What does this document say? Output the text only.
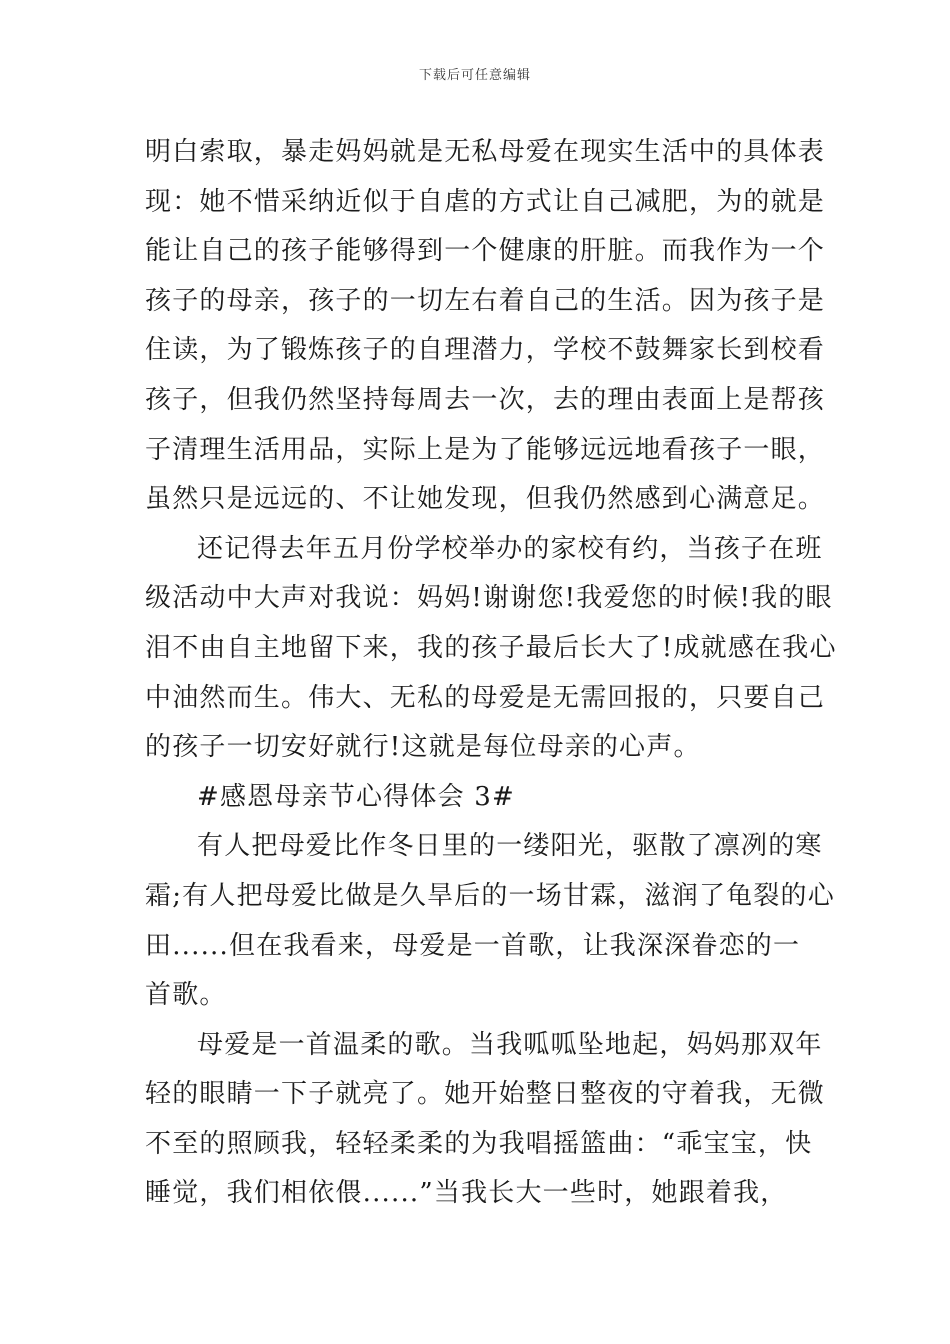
下载后可任意编辑
明白索取，暴走妈妈就是无私母爱在现实生活中的具体表
现：她不惜采纳近似于自虐的方式让自己减肥，为的就是
能让自己的孩子能够得到一个健康的肝脏。而我作为一个
孩子的母亲，孩子的一切左右着自己的生活。因为孩子是
住读，为了锻炼孩子的自理潜力，学校不鼓舞家长到校看
孩子，但我仍然坚持每周去一次，去的理由表面上是帮孩
子清理生活用品，实际上是为了能够远远地看孩子一眼，
虽然只是远远的、不让她发现，但我仍然感到心满意足。
还记得去年五月份学校举办的家校有约，当孩子在班
级活动中大声对我说：妈妈!谢谢您!我爱您的时候!我的眼
泪不由自主地留下来，我的孩子最后长大了!成就感在我心
中油然而生。伟大、无私的母爱是无需回报的，只要自己
的孩子一切安好就行!这就是每位母亲的心声。
#感恩母亲节心得体会 3#
有人把母爱比作冬日里的一缕阳光，驱散了凛冽的寒
霜;有人把母爱比做是久旱后的一场甘霖，滋润了龟裂的心
田......但在我看来，母爱是一首歌，让我深深眷恋的一
首歌。
母爱是一首温柔的歌。当我呱呱坠地起，妈妈那双年
轻的眼睛一下子就亮了。她开始整日整夜的守着我，无微
不至的照顾我，轻轻柔柔的为我唱摇篮曲：“乖宝宝，快
睡觉，我们相依偎......”当我长大一些时，她跟着我，
